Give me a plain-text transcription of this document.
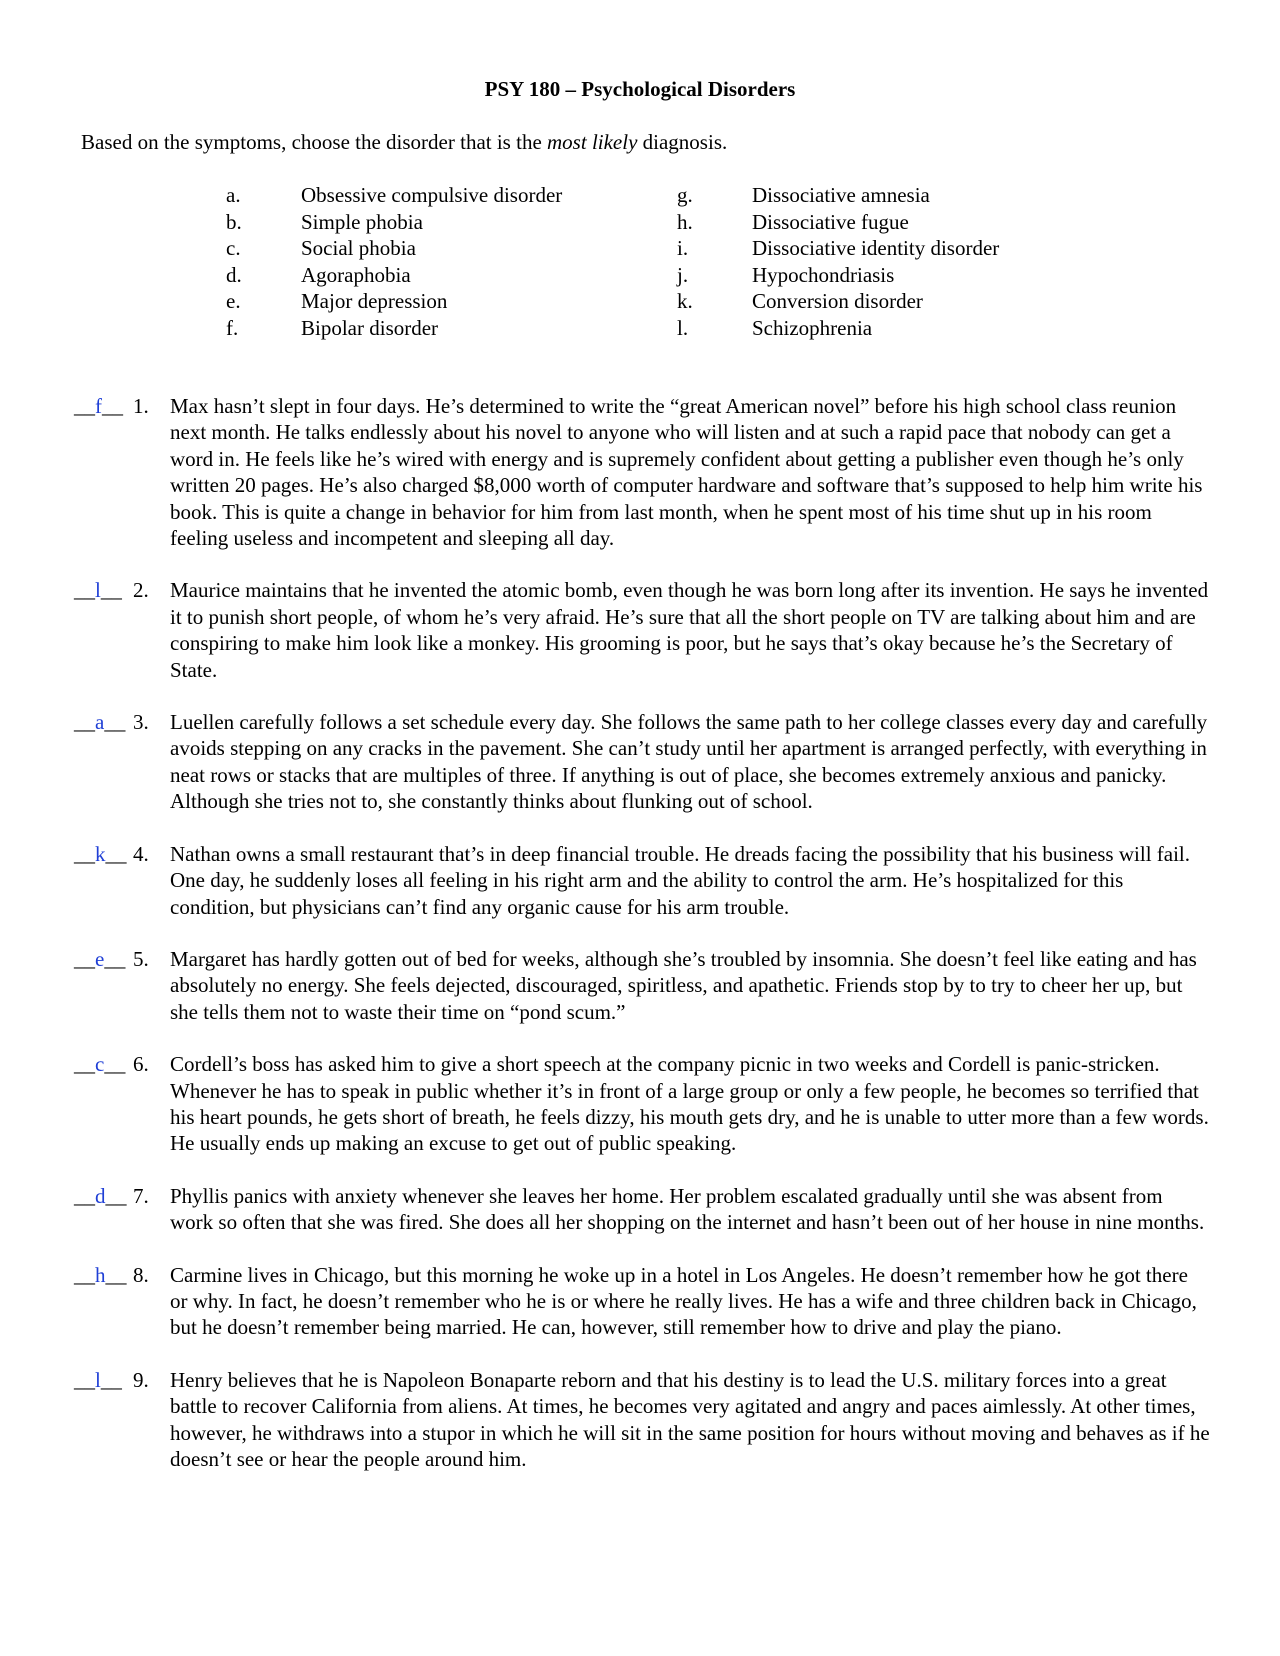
PSY 180 – Psychological Disorders
Based on the symptoms, choose the disorder that is the most likely diagnosis.
a.	Obsessive compulsive disorder
b.	Simple phobia
c.	Social phobia
d.	Agoraphobia
e.	Major depression
f.	Bipolar disorder
g.	Dissociative amnesia
h.	Dissociative fugue
i.	Dissociative identity disorder
j.	Hypochondriasis
k.	Conversion disorder
l.	Schizophrenia
__f__ 1. Max hasn’t slept in four days. He’s determined to write the “great American novel” before his high school class reunion next month. He talks endlessly about his novel to anyone who will listen and at such a rapid pace that nobody can get a word in. He feels like he’s wired with energy and is supremely confident about getting a publisher even though he’s only written 20 pages. He’s also charged $8,000 worth of computer hardware and software that’s supposed to help him write his book. This is quite a change in behavior for him from last month, when he spent most of his time shut up in his room feeling useless and incompetent and sleeping all day.
__l__ 2. Maurice maintains that he invented the atomic bomb, even though he was born long after its invention. He says he invented it to punish short people, of whom he’s very afraid. He’s sure that all the short people on TV are talking about him and are conspiring to make him look like a monkey. His grooming is poor, but he says that’s okay because he’s the Secretary of State.
__a__ 3. Luellen carefully follows a set schedule every day. She follows the same path to her college classes every day and carefully avoids stepping on any cracks in the pavement. She can’t study until her apartment is arranged perfectly, with everything in neat rows or stacks that are multiples of three. If anything is out of place, she becomes extremely anxious and panicky. Although she tries not to, she constantly thinks about flunking out of school.
__k__ 4. Nathan owns a small restaurant that’s in deep financial trouble. He dreads facing the possibility that his business will fail. One day, he suddenly loses all feeling in his right arm and the ability to control the arm. He’s hospitalized for this condition, but physicians can’t find any organic cause for his arm trouble.
__e__ 5. Margaret has hardly gotten out of bed for weeks, although she’s troubled by insomnia. She doesn’t feel like eating and has absolutely no energy. She feels dejected, discouraged, spiritless, and apathetic. Friends stop by to try to cheer her up, but she tells them not to waste their time on “pond scum.”
__c__ 6. Cordell’s boss has asked him to give a short speech at the company picnic in two weeks and Cordell is panic-stricken. Whenever he has to speak in public whether it’s in front of a large group or only a few people, he becomes so terrified that his heart pounds, he gets short of breath, he feels dizzy, his mouth gets dry, and he is unable to utter more than a few words. He usually ends up making an excuse to get out of public speaking.
__d__ 7. Phyllis panics with anxiety whenever she leaves her home. Her problem escalated gradually until she was absent from work so often that she was fired. She does all her shopping on the internet and hasn’t been out of her house in nine months.
__h__ 8. Carmine lives in Chicago, but this morning he woke up in a hotel in Los Angeles. He doesn’t remember how he got there or why. In fact, he doesn’t remember who he is or where he really lives. He has a wife and three children back in Chicago, but he doesn’t remember being married. He can, however, still remember how to drive and play the piano.
__l__ 9. Henry believes that he is Napoleon Bonaparte reborn and that his destiny is to lead the U.S. military forces into a great battle to recover California from aliens. At times, he becomes very agitated and angry and paces aimlessly. At other times, however, he withdraws into a stupor in which he will sit in the same position for hours without moving and behaves as if he doesn’t see or hear the people around him.
